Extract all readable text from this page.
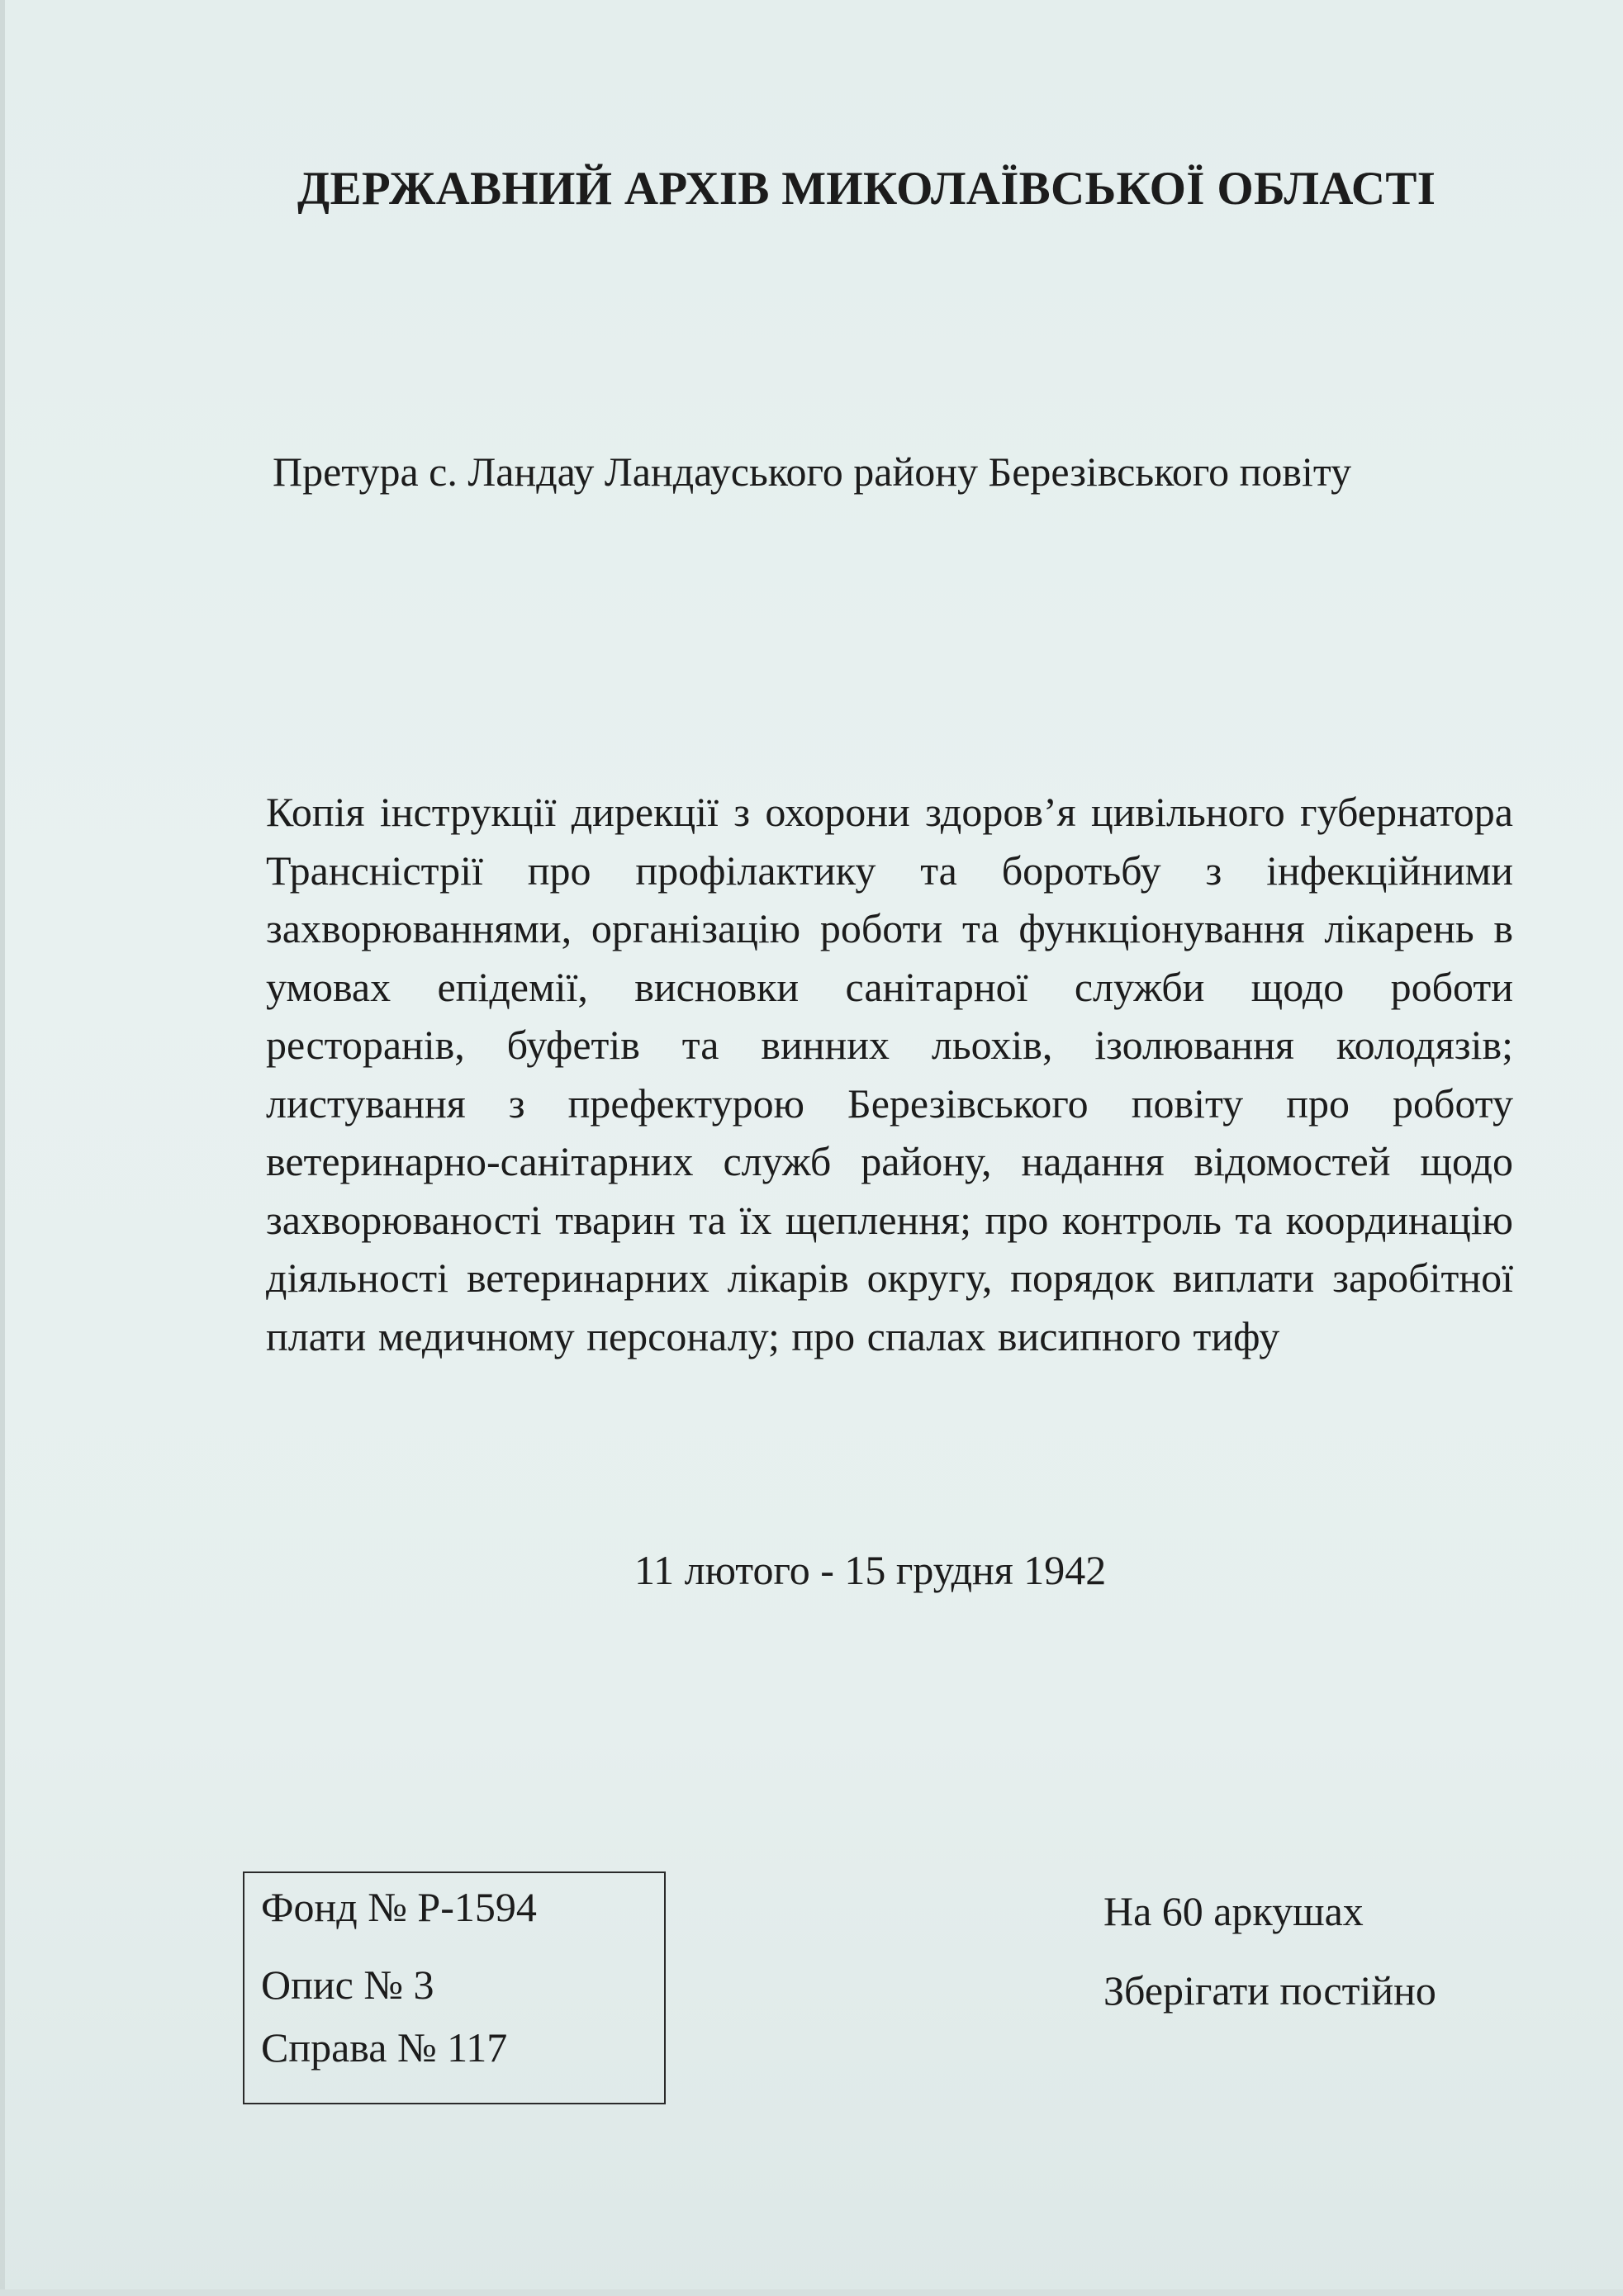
ДЕРЖАВНИЙ АРХІВ МИКОЛАЇВСЬКОЇ ОБЛАСТІ
Претура с. Ландау Ландауського району Березівського повіту
Копія інструкції дирекції з охорони здоров’я цивільного губернатора Трансністрії про профілактику та боротьбу з інфекційними захворюваннями, організацію роботи та функціонування лікарень в умовах епідемії, висновки санітарної служби щодо роботи ресторанів, буфетів та винних льохів, ізолювання колодязів; листування з префектурою Березівського повіту про роботу ветеринарно-санітарних служб району, надання відомостей щодо захворюваності тварин та їх щеплення; про контроль та координацію діяльності ветеринарних лікарів округу, порядок виплати заробітної плати медичному персоналу; про спалах висипного тифу
11 лютого - 15 грудня 1942
Фонд № Р-1594
Опис № 3
Справа № 117
На 60 аркушах
Зберігати постійно
